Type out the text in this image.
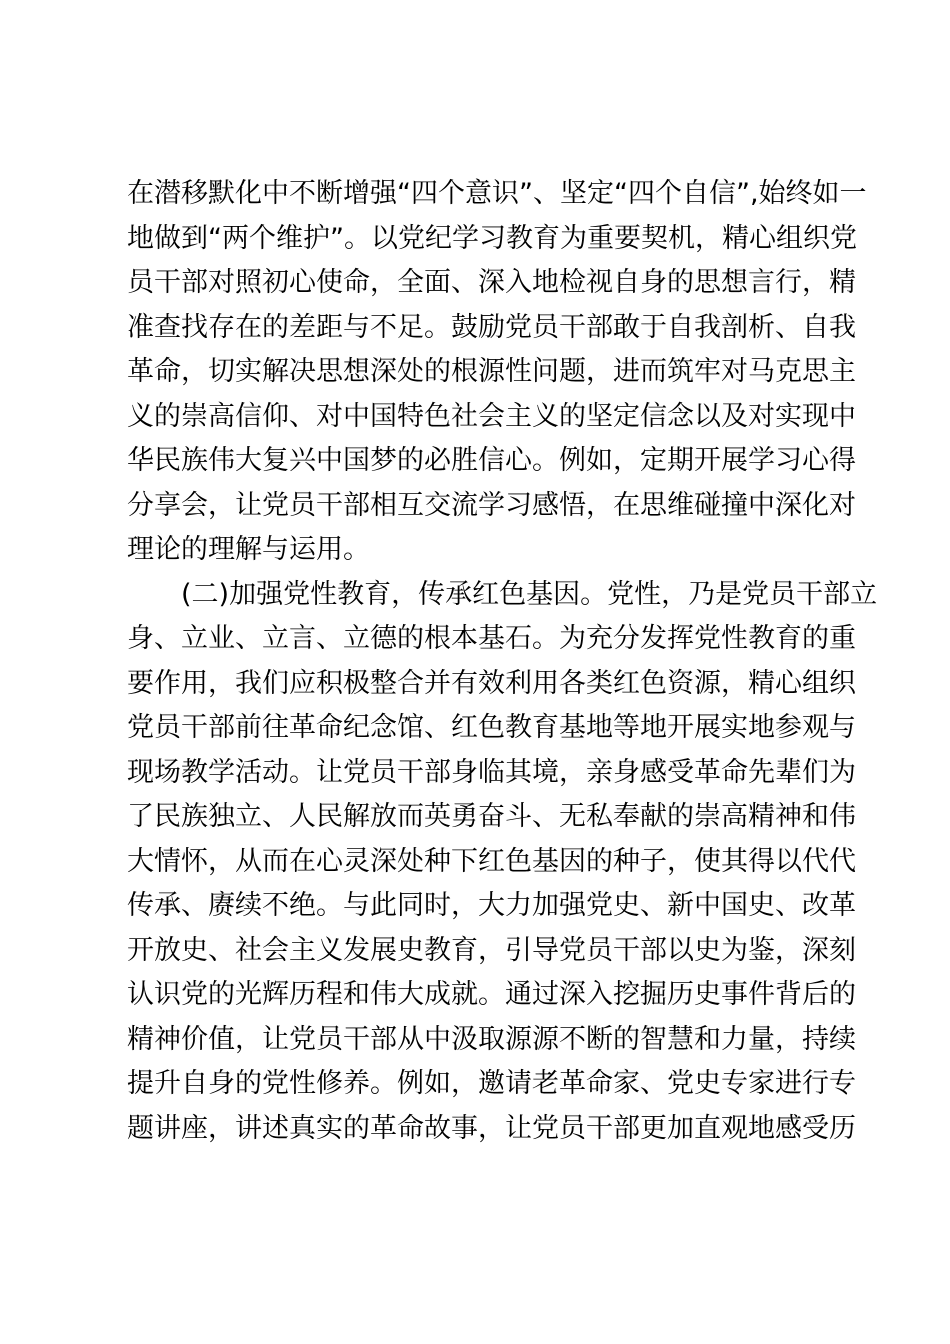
在潜移默化中不断增强“四个意识”、坚定“四个自信”,始终如一
地做到“两个维护”。以党纪学习教育为重要契机，精心组织党
员干部对照初心使命，全面、深入地检视自身的思想言行，精
准查找存在的差距与不足。鼓励党员干部敢于自我剖析、自我
革命，切实解决思想深处的根源性问题，进而筑牢对马克思主
义的崇高信仰、对中国特色社会主义的坚定信念以及对实现中
华民族伟大复兴中国梦的必胜信心。例如，定期开展学习心得
分享会，让党员干部相互交流学习感悟，在思维碰撞中深化对
理论的理解与运用。
(二)加强党性教育，传承红色基因。党性，乃是党员干部立
身、立业、立言、立德的根本基石。为充分发挥党性教育的重
要作用，我们应积极整合并有效利用各类红色资源，精心组织
党员干部前往革命纪念馆、红色教育基地等地开展实地参观与
现场教学活动。让党员干部身临其境，亲身感受革命先辈们为
了民族独立、人民解放而英勇奋斗、无私奉献的崇高精神和伟
大情怀，从而在心灵深处种下红色基因的种子，使其得以代代
传承、赓续不绝。与此同时，大力加强党史、新中国史、改革
开放史、社会主义发展史教育，引导党员干部以史为鉴，深刻
认识党的光辉历程和伟大成就。通过深入挖掘历史事件背后的
精神价值，让党员干部从中汲取源源不断的智慧和力量，持续
提升自身的党性修养。例如，邀请老革命家、党史专家进行专
题讲座，讲述真实的革命故事，让党员干部更加直观地感受历
